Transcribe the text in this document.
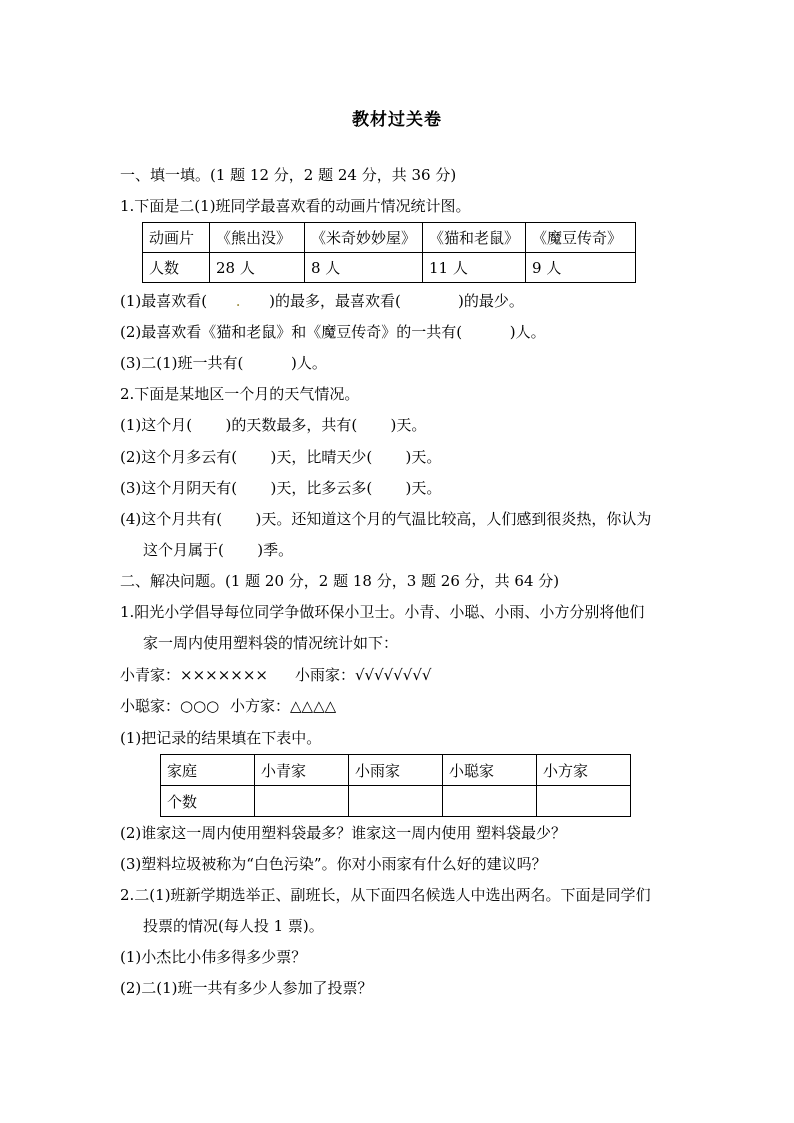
教材过关卷
一、填一填。(1 题 12 分，2 题 24 分，共 36 分)
1.下面是二(1)班同学最喜欢看的动画片情况统计图。
动画片	《熊出没》	《米奇妙妙屋》	《猫和老鼠》	《魔豆传奇》
人数	28 人	8 人	11 人	9 人
(1)最喜欢看( .      )的最多，最喜欢看(            )的最少。
(2)最喜欢看《猫和老鼠》和《魔豆传奇》的一共有(          )人。
(3)二(1)班一共有(          )人。
2.下面是某地区一个月的天气情况。
(1)这个月(       )的天数最多，共有(       )天。
(2)这个月多云有(       )天，比晴天少(       )天。
(3)这个月阴天有(       )天，比多云多(       )天。
(4)这个月共有(       )天。还知道这个月的气温比较高，人们感到很炎热，你认为
这个月属于(       )季。
二、解决问题。(1 题 20 分，2 题 18 分，3 题 26 分，共 64 分)
1.阳光小学倡导每位同学争做环保小卫士。小青、小聪、小雨、小方分别将他们
家一周内使用塑料袋的情况统计如下：
小青家：××××××× 小雨家：√√√√√√√√
小聪家：○○○ 小方家：△△△△
(1)把记录的结果填在下表中。
家庭	小青家	小雨家	小聪家	小方家
个数				
(2)谁家这一周内使用塑料袋最多？谁家这一周内使用 塑料袋最少？
(3)塑料垃圾被称为“白色污染”。你对小雨家有什么好的建议吗？
2.二(1)班新学期选举正、副班长，从下面四名候选人中选出两名。下面是同学们
投票的情况(每人投 1 票)。
(1)小杰比小伟多得多少票？
(2)二(1)班一共有多少人参加了投票？
